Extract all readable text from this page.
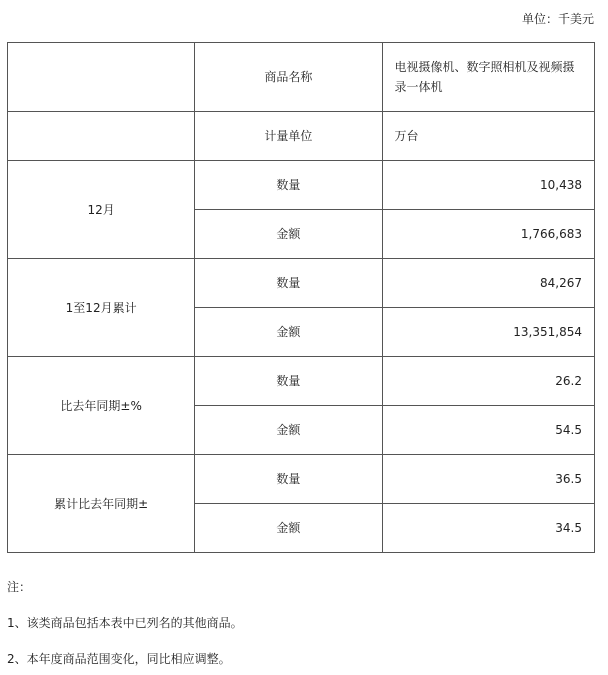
单位：千美元
	商品名称	电视摄像机、数字照相机及视频摄录一体机
	计量单位	万台
12月	数量	10,438
	金额	1,766,683
1至12月累计	数量	84,267
	金额	13,351,854
比去年同期±%	数量	26.2
	金额	54.5
累计比去年同期±	数量	36.5
	金额	34.5
注：
1、该类商品包括本表中已列名的其他商品。
2、本年度商品范围变化，同比相应调整。
